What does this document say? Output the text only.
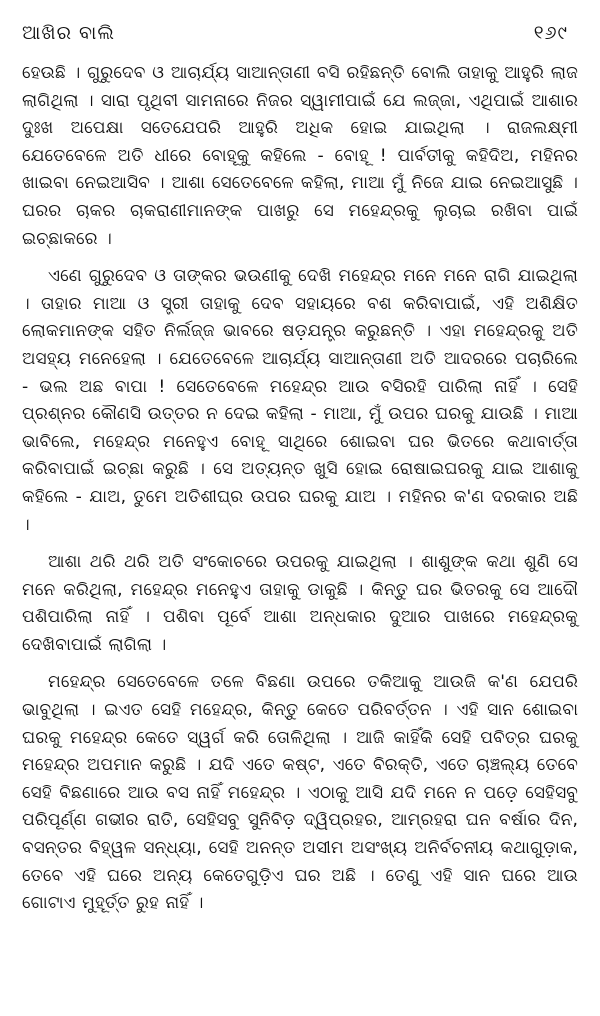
ଆଖିର ବାଲି	୧୬୯

ହେଉଛି । ଗୁରୁଦେବ ଓ ଆଚାର୍ଯ୍ୟ ସାଆନ୍ତାଣୀ ବସି ରହିଛନ୍ତି ବୋଲି ତାହାକୁ ଆହୁରି ଲାଜ ଲାଗିଥିଲା । ସାରା ପୃଥିବୀ ସାମନାରେ ନିଜର ସ୍ୱାମୀପାଇଁ ଯେ ଲଜ୍ଜା, ଏଥିପାଇଁ ଆଶାର ଦୁଃଖ ଅପେକ୍ଷା ସତେଯେପରି ଆହୁରି ଅଧିକ ହୋଇ ଯାଇଥିଲା । ରାଜଲକ୍ଷ୍ମୀ ଯେତେବେଳେ ଅତି ଧୀରେ ବୋହୂକୁ କହିଲେ - ବୋହୂ ! ପାର୍ବତୀକୁ କହିଦିଅ, ମହିନର ଖାଇବା ନେଇଆସିବ । ଆଶା ସେତେବେଳେ କହିଲା, ମାଆ ମୁଁ ନିଜେ ଯାଇ ନେଇଆସୁଛି । ଘରର ଚାକର ଚାକରାଣୀମାନଙ୍କ ପାଖରୁ ସେ ମହେନ୍ଦ୍ରକୁ ଲୁଚାଇ ରଖିବା ପାଇଁ ଇଚ୍ଛାକରେ ।

ଏଣେ ଗୁରୁଦେବ ଓ ତାଙ୍କର ଭଉଣୀକୁ ଦେଖି ମହେନ୍ଦ୍ର ମନେ ମନେ ରାଗି ଯାଇଥିଲା । ତାହାର ମାଆ ଓ ସ୍ତ୍ରୀ ତାହାକୁ ଦେବ ସହାୟରେ ବଶ କରିବାପାଇଁ, ଏହି ଅଶିକ୍ଷିତ ଲୋକମାନଙ୍କ ସହିତ ନିର୍ଲଜ୍ଜ ଭାବରେ ଷଡ଼ଯନ୍ତ୍ର କରୁଛନ୍ତି । ଏହା ମହେନ୍ଦ୍ରକୁ ଅତି ଅସହ୍ୟ ମନେହେଲା । ଯେତେବେଳେ ଆଚାର୍ଯ୍ୟ ସାଆନ୍ତାଣୀ ଅତି ଆଦରରେ ପଚାରିଲେ - ଭଲ ଅଛ ବାପା ! ସେତେବେଳେ ମହେନ୍ଦ୍ର ଆଉ ବସିରହି ପାରିଲା ନାହିଁ । ସେହି ପ୍ରଶ୍ନର କୌଣସି ଉତ୍ତର ନ ଦେଇ କହିଲା - ମାଆ, ମୁଁ ଉପର ଘରକୁ ଯାଉଛି । ମାଆ ଭାବିଲେ, ମହେନ୍ଦ୍ର ମନେହୁଏ ବୋହୂ ସାଥିରେ ଶୋଇବା ଘର ଭିତରେ କଥାବାର୍ତ୍ତା କରିବାପାଇଁ ଇଚ୍ଛା କରୁଛି । ସେ ଅତ୍ୟନ୍ତ ଖୁସି ହୋଇ ରୋଷାଇଘରକୁ ଯାଇ ଆଶାକୁ କହିଲେ - ଯାଅ, ତୁମେ ଅତିଶୀଘ୍ର ଉପର ଘରକୁ ଯାଅ । ମହିନର କ'ଣ ଦରକାର ଅଛି ।

ଆଶା ଥରି ଥରି ଅତି ସଂକୋଚରେ ଉପରକୁ ଯାଇଥିଲା । ଶାଶୁଙ୍କ କଥା ଶୁଣି ସେ ମନେ କରିଥିଲା, ମହେନ୍ଦ୍ର ମନେହୁଏ ତାହାକୁ ଡାକୁଛି । କିନ୍ତୁ ଘର ଭିତରକୁ ସେ ଆଦୌ ପଶିପାରିଲା ନାହିଁ । ପଶିବା ପୂର୍ବେ ଆଶା ଅନ୍ଧକାର ଦୁଆର ପାଖରେ ମହେନ୍ଦ୍ରକୁ ଦେଖିବାପାଇଁ ଲାଗିଲା ।

ମହେନ୍ଦ୍ର ସେତେବେଳେ ତଳେ ବିଛଣା ଉପରେ ତକିଆକୁ ଆଉଜି କ'ଣ ଯେପରି ଭାବୁଥିଲା । ଇଏତ ସେହି ମହେନ୍ଦ୍ର, କିନ୍ତୁ କେତେ ପରିବର୍ତ୍ତନ । ଏହି ସାନ ଶୋଇବା ଘରକୁ ମହେନ୍ଦ୍ର କେତେ ସ୍ୱର୍ଗ କରି ତୋଳିଥିଲା । ଆଜି କାହିଁକି ସେହି ପବିତ୍ର ଘରକୁ ମହେନ୍ଦ୍ର ଅପମାନ କରୁଛି । ଯଦି ଏତେ କଷ୍ଟ, ଏତେ ବିରକ୍ତି, ଏତେ ଚାଞ୍ଚଲ୍ୟ ତେବେ ସେହି ବିଛଣାରେ ଆଉ ବସ ନାହିଁ ମହେନ୍ଦ୍ର । ଏଠାକୁ ଆସି ଯଦି ମନେ ନ ପଡ଼େ ସେହିସବୁ ପରିପୂର୍ଣ୍ଣ ଗଭୀର ରାତି, ସେହିସବୁ ସୁନିବିଡ଼ ଦ୍ୱିପ୍ରହର, ଆମ୍ରହରା ଘନ ବର୍ଷାର ଦିନ, ବସନ୍ତର ବିହ୍ୱଳ ସନ୍ଧ୍ୟା, ସେହି ଅନନ୍ତ ଅସୀମ ଅସଂଖ୍ୟ ଅନିର୍ବଚନୀୟ କଥାଗୁଡ଼ାକ, ତେବେ ଏହି ଘରେ ଅନ୍ୟ କେତେଗୁଡ଼ିଏ ଘର ଅଛି । ତେଣୁ ଏହି ସାନ ଘରେ ଆଉ ଗୋଟାଏ ମୁହୂର୍ତ୍ତ ରୁହ ନାହିଁ ।
